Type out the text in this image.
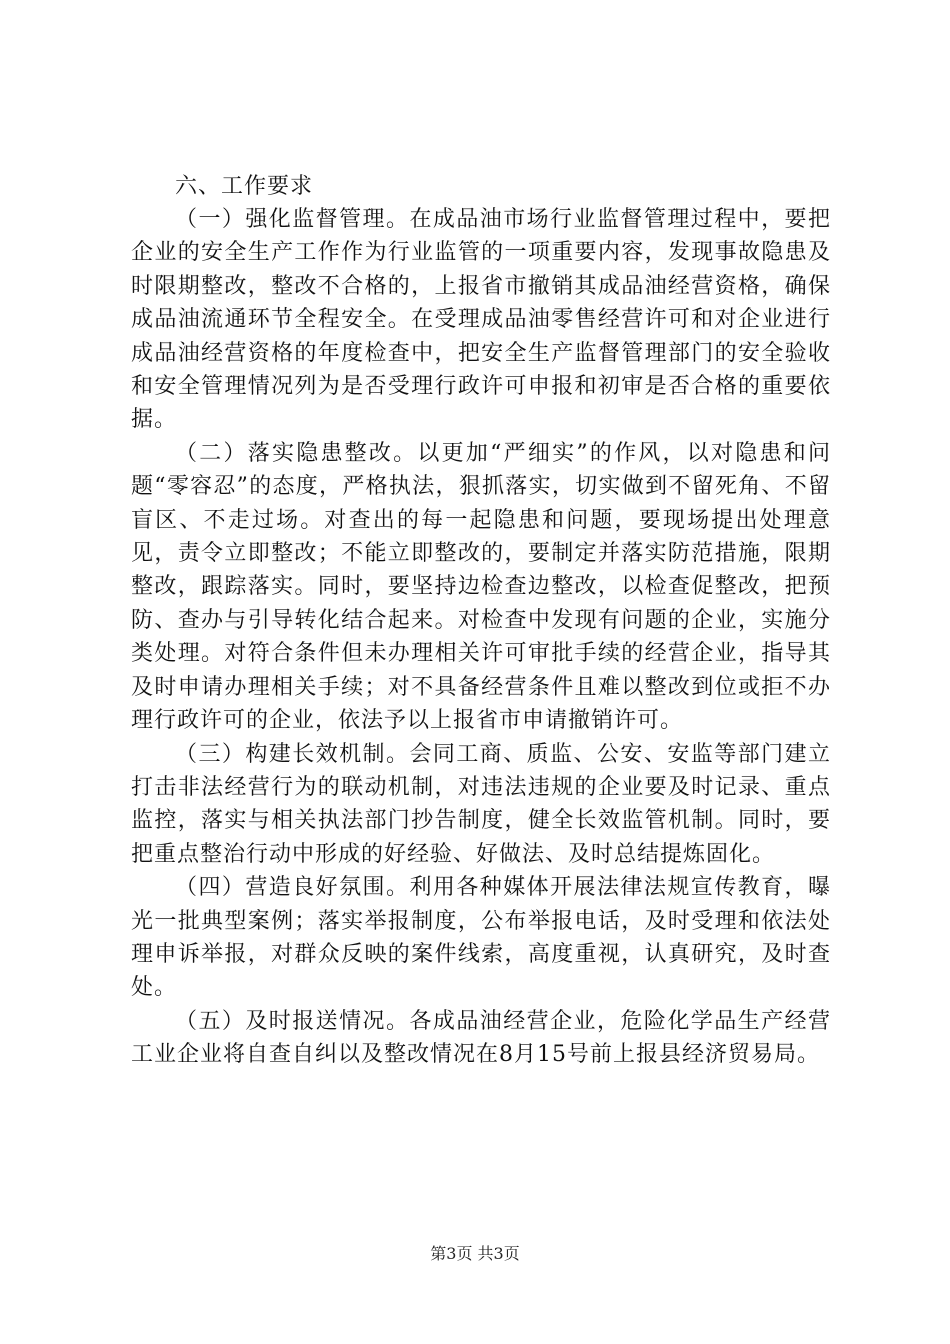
六、工作要求

（一）强化监督管理。在成品油市场行业监督管理过程中，要把企业的安全生产工作作为行业监管的一项重要内容，发现事故隐患及时限期整改，整改不合格的，上报省市撤销其成品油经营资格，确保成品油流通环节全程安全。在受理成品油零售经营许可和对企业进行成品油经营资格的年度检查中，把安全生产监督管理部门的安全验收和安全管理情况列为是否受理行政许可申报和初审是否合格的重要依据。

（二）落实隐患整改。以更加“严细实”的作风，以对隐患和问题“零容忍”的态度，严格执法，狠抓落实，切实做到不留死角、不留盲区、不走过场。对查出的每一起隐患和问题，要现场提出处理意见，责令立即整改；不能立即整改的，要制定并落实防范措施，限期整改，跟踪落实。同时，要坚持边检查边整改，以检查促整改，把预防、查办与引导转化结合起来。对检查中发现有问题的企业，实施分类处理。对符合条件但未办理相关许可审批手续的经营企业，指导其及时申请办理相关手续；对不具备经营条件且难以整改到位或拒不办理行政许可的企业，依法予以上报省市申请撤销许可。

（三）构建长效机制。会同工商、质监、公安、安监等部门建立打击非法经营行为的联动机制，对违法违规的企业要及时记录、重点监控，落实与相关执法部门抄告制度，健全长效监管机制。同时，要把重点整治行动中形成的好经验、好做法、及时总结提炼固化。

（四）营造良好氛围。利用各种媒体开展法律法规宣传教育，曝光一批典型案例；落实举报制度，公布举报电话，及时受理和依法处理申诉举报，对群众反映的案件线索，高度重视，认真研究，及时查处。

（五）及时报送情况。各成品油经营企业，危险化学品生产经营工业企业将自查自纠以及整改情况在8月15号前上报县经济贸易局。

第3页 共3页
